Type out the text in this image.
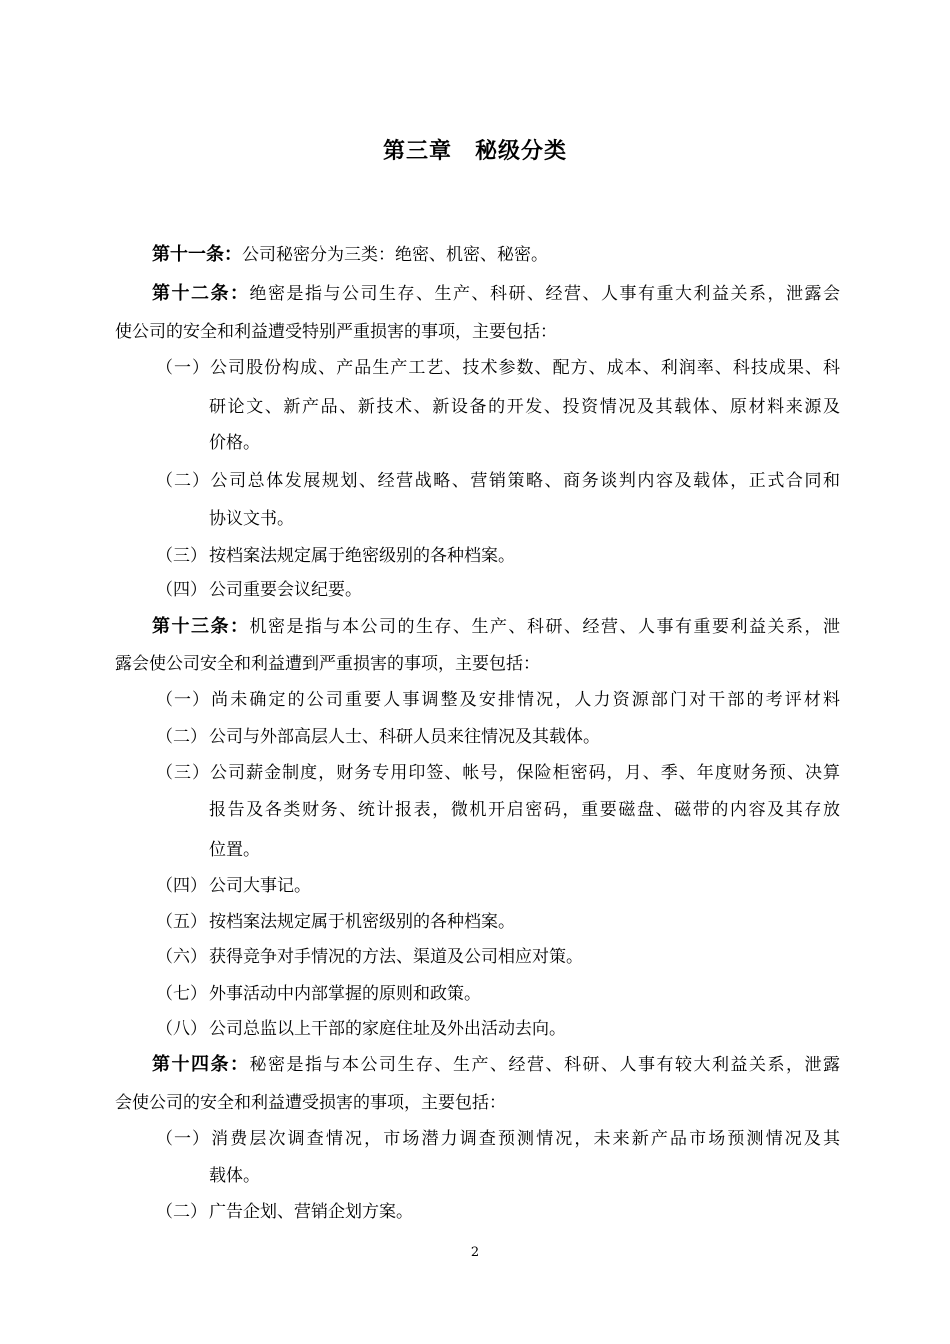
第三章　秘级分类
第十一条：公司秘密分为三类：绝密、机密、秘密。
第十二条：绝密是指与公司生存、生产、科研、经营、人事有重大利益关系，泄露会
使公司的安全和利益遭受特别严重损害的事项，主要包括：
（一）公司股份构成、产品生产工艺、技术参数、配方、成本、利润率、科技成果、科
研论文、新产品、新技术、新设备的开发、投资情况及其载体、原材料来源及
价格。
（二）公司总体发展规划、经营战略、营销策略、商务谈判内容及载体，正式合同和
协议文书。
（三） 按档案法规定属于绝密级别的各种档案。
（四） 公司重要会议纪要。
第十三条：机密是指与本公司的生存、生产、科研、经营、人事有重要利益关系，泄
露会使公司安全和利益遭到严重损害的事项，主要包括：
（一）尚未确定的公司重要人事调整及安排情况，人力资源部门对干部的考评材料
（二） 公司与外部高层人士、科研人员来往情况及其载体。
（三）公司薪金制度，财务专用印签、帐号，保险柜密码，月、季、年度财务预、决算
报告及各类财务、统计报表，微机开启密码，重要磁盘、磁带的内容及其存放
位置。
（四） 公司大事记。
（五） 按档案法规定属于机密级别的各种档案。
（六） 获得竞争对手情况的方法、渠道及公司相应对策。
（七） 外事活动中内部掌握的原则和政策。
（八） 公司总监以上干部的家庭住址及外出活动去向。
第十四条：秘密是指与本公司生存、生产、经营、科研、人事有较大利益关系，泄露
会使公司的安全和利益遭受损害的事项，主要包括：
（一）消费层次调查情况，市场潜力调查预测情况，未来新产品市场预测情况及其
载体。
（二） 广告企划、营销企划方案。
2
